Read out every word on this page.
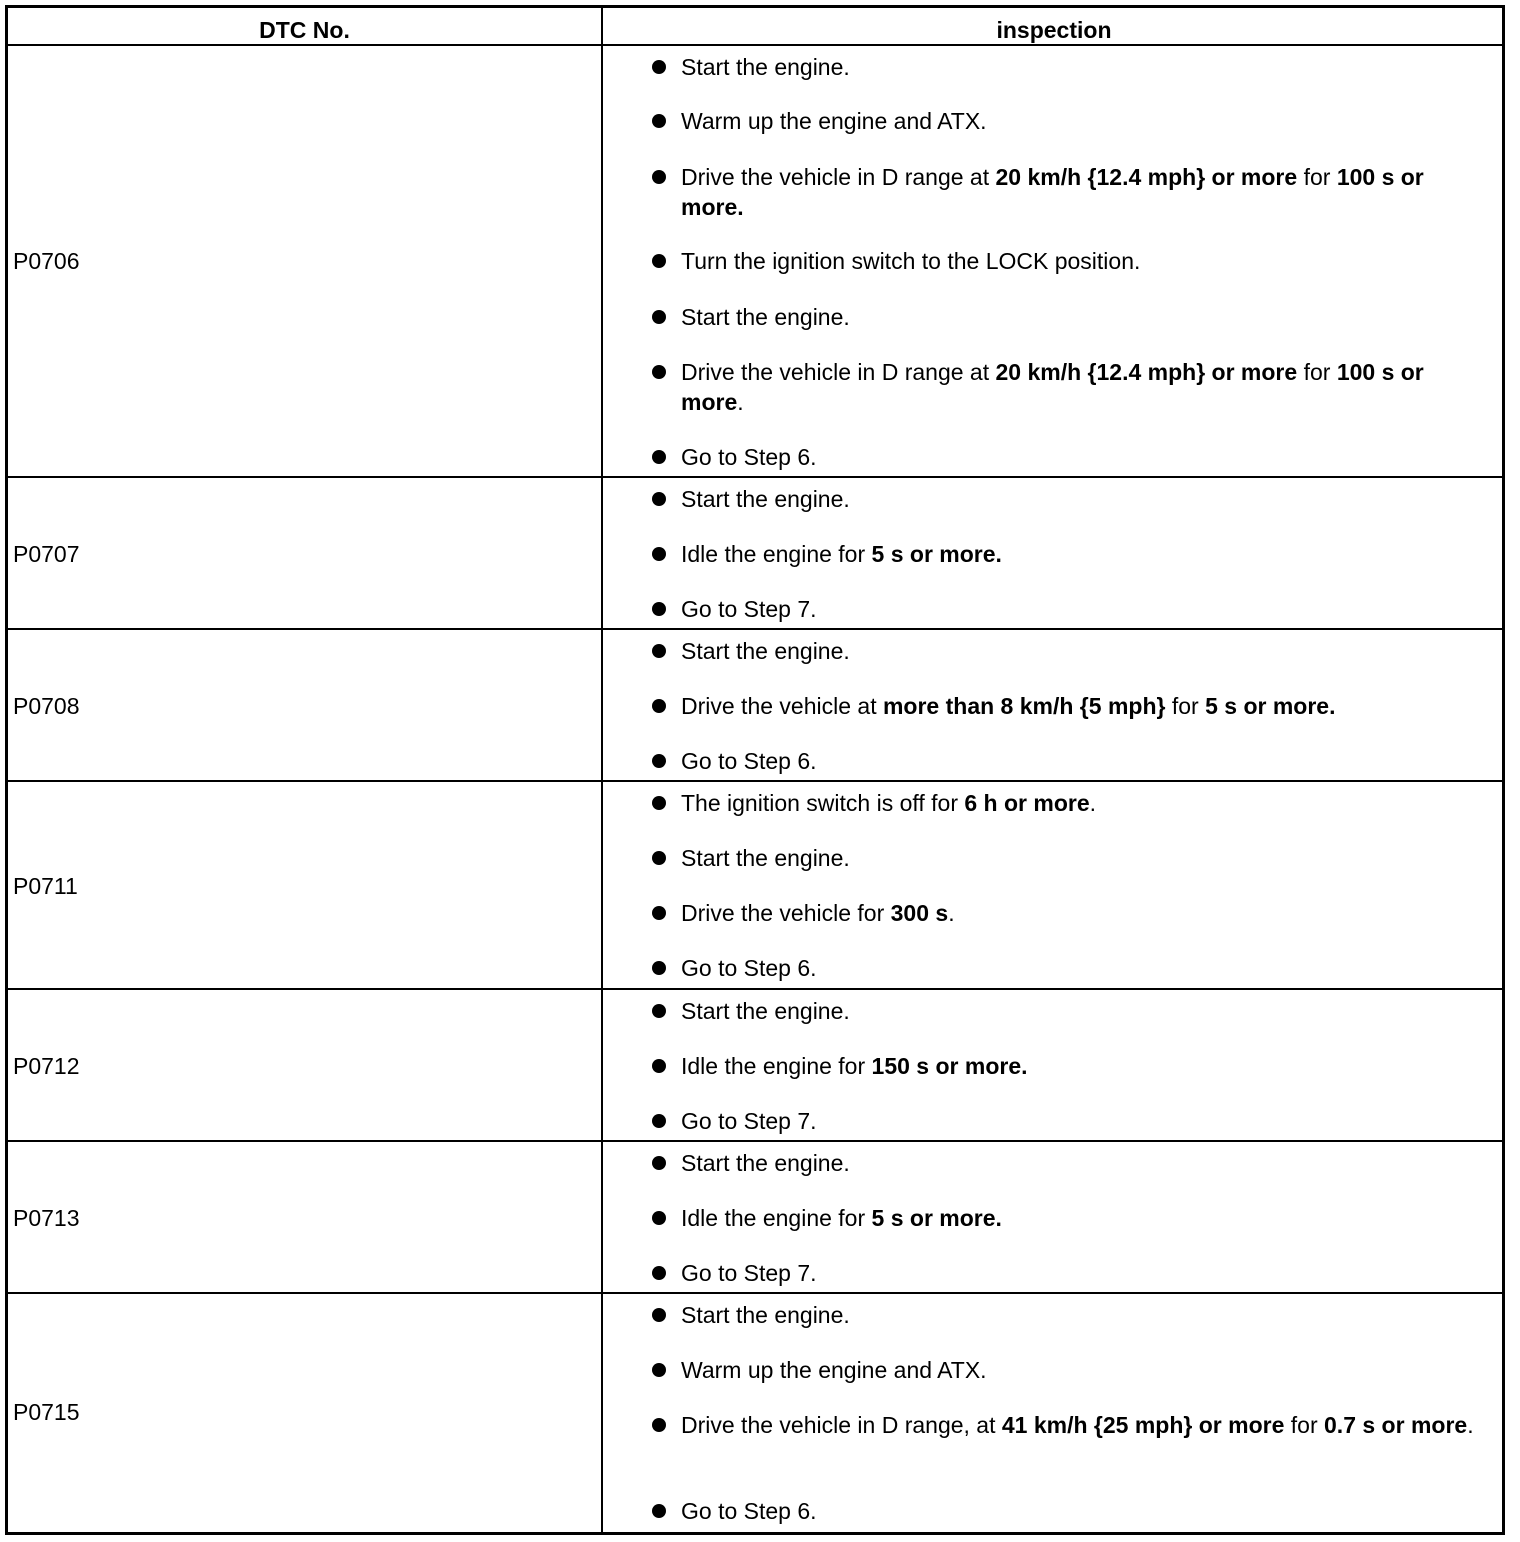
DTC No.	inspection
P0706
Start the engine.
Warm up the engine and ATX.
Drive the vehicle in D range at 20 km/h {12.4 mph} or more for 100 s or more.
Turn the ignition switch to the LOCK position.
Start the engine.
Drive the vehicle in D range at 20 km/h {12.4 mph} or more for 100 s or more.
Go to Step 6.
P0707
Start the engine.
Idle the engine for 5 s or more.
Go to Step 7.
P0708
Start the engine.
Drive the vehicle at more than 8 km/h {5 mph} for 5 s or more.
Go to Step 6.
P0711
The ignition switch is off for 6 h or more.
Start the engine.
Drive the vehicle for 300 s.
Go to Step 6.
P0712
Start the engine.
Idle the engine for 150 s or more.
Go to Step 7.
P0713
Start the engine.
Idle the engine for 5 s or more.
Go to Step 7.
P0715
Start the engine.
Warm up the engine and ATX.
Drive the vehicle in D range, at 41 km/h {25 mph} or more for 0.7 s or more.
Go to Step 6.
